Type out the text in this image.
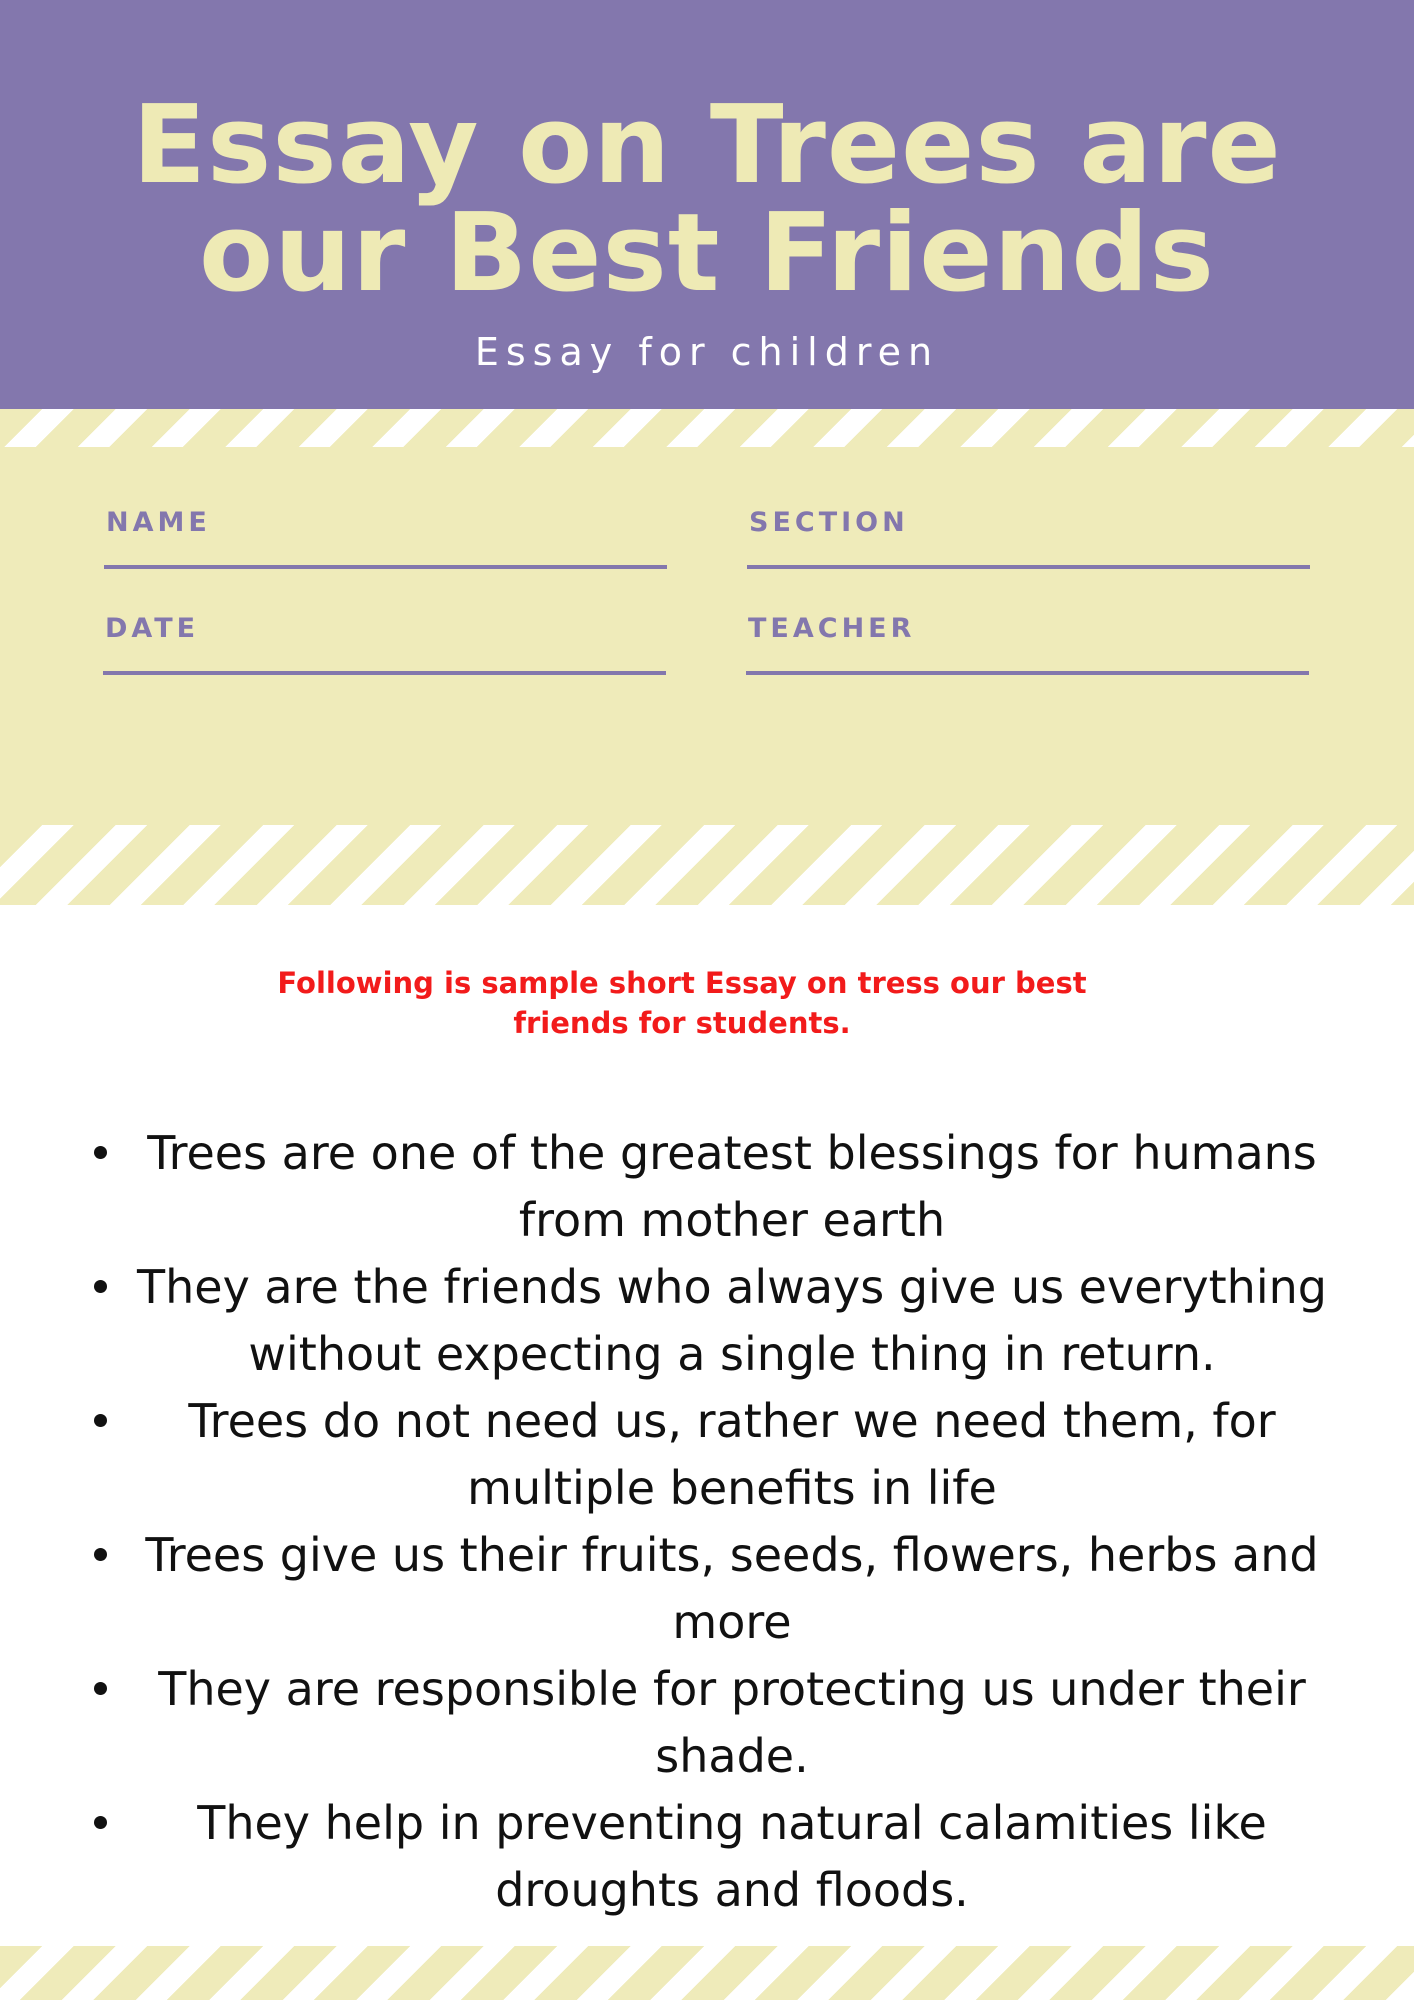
Essay on Trees are
our Best Friends
Essay for children
NAME	SECTION
DATE	TEACHER

Following is sample short Essay on tress our best
friends for students.

Trees are one of the greatest blessings for humans from mother earth
They are the friends who always give us everything without expecting a single thing in return.
Trees do not need us, rather we need them, for multiple benefits in life
Trees give us their fruits, seeds, flowers, herbs and more
They are responsible for protecting us under their shade.
They help in preventing natural calamities like droughts and floods.
